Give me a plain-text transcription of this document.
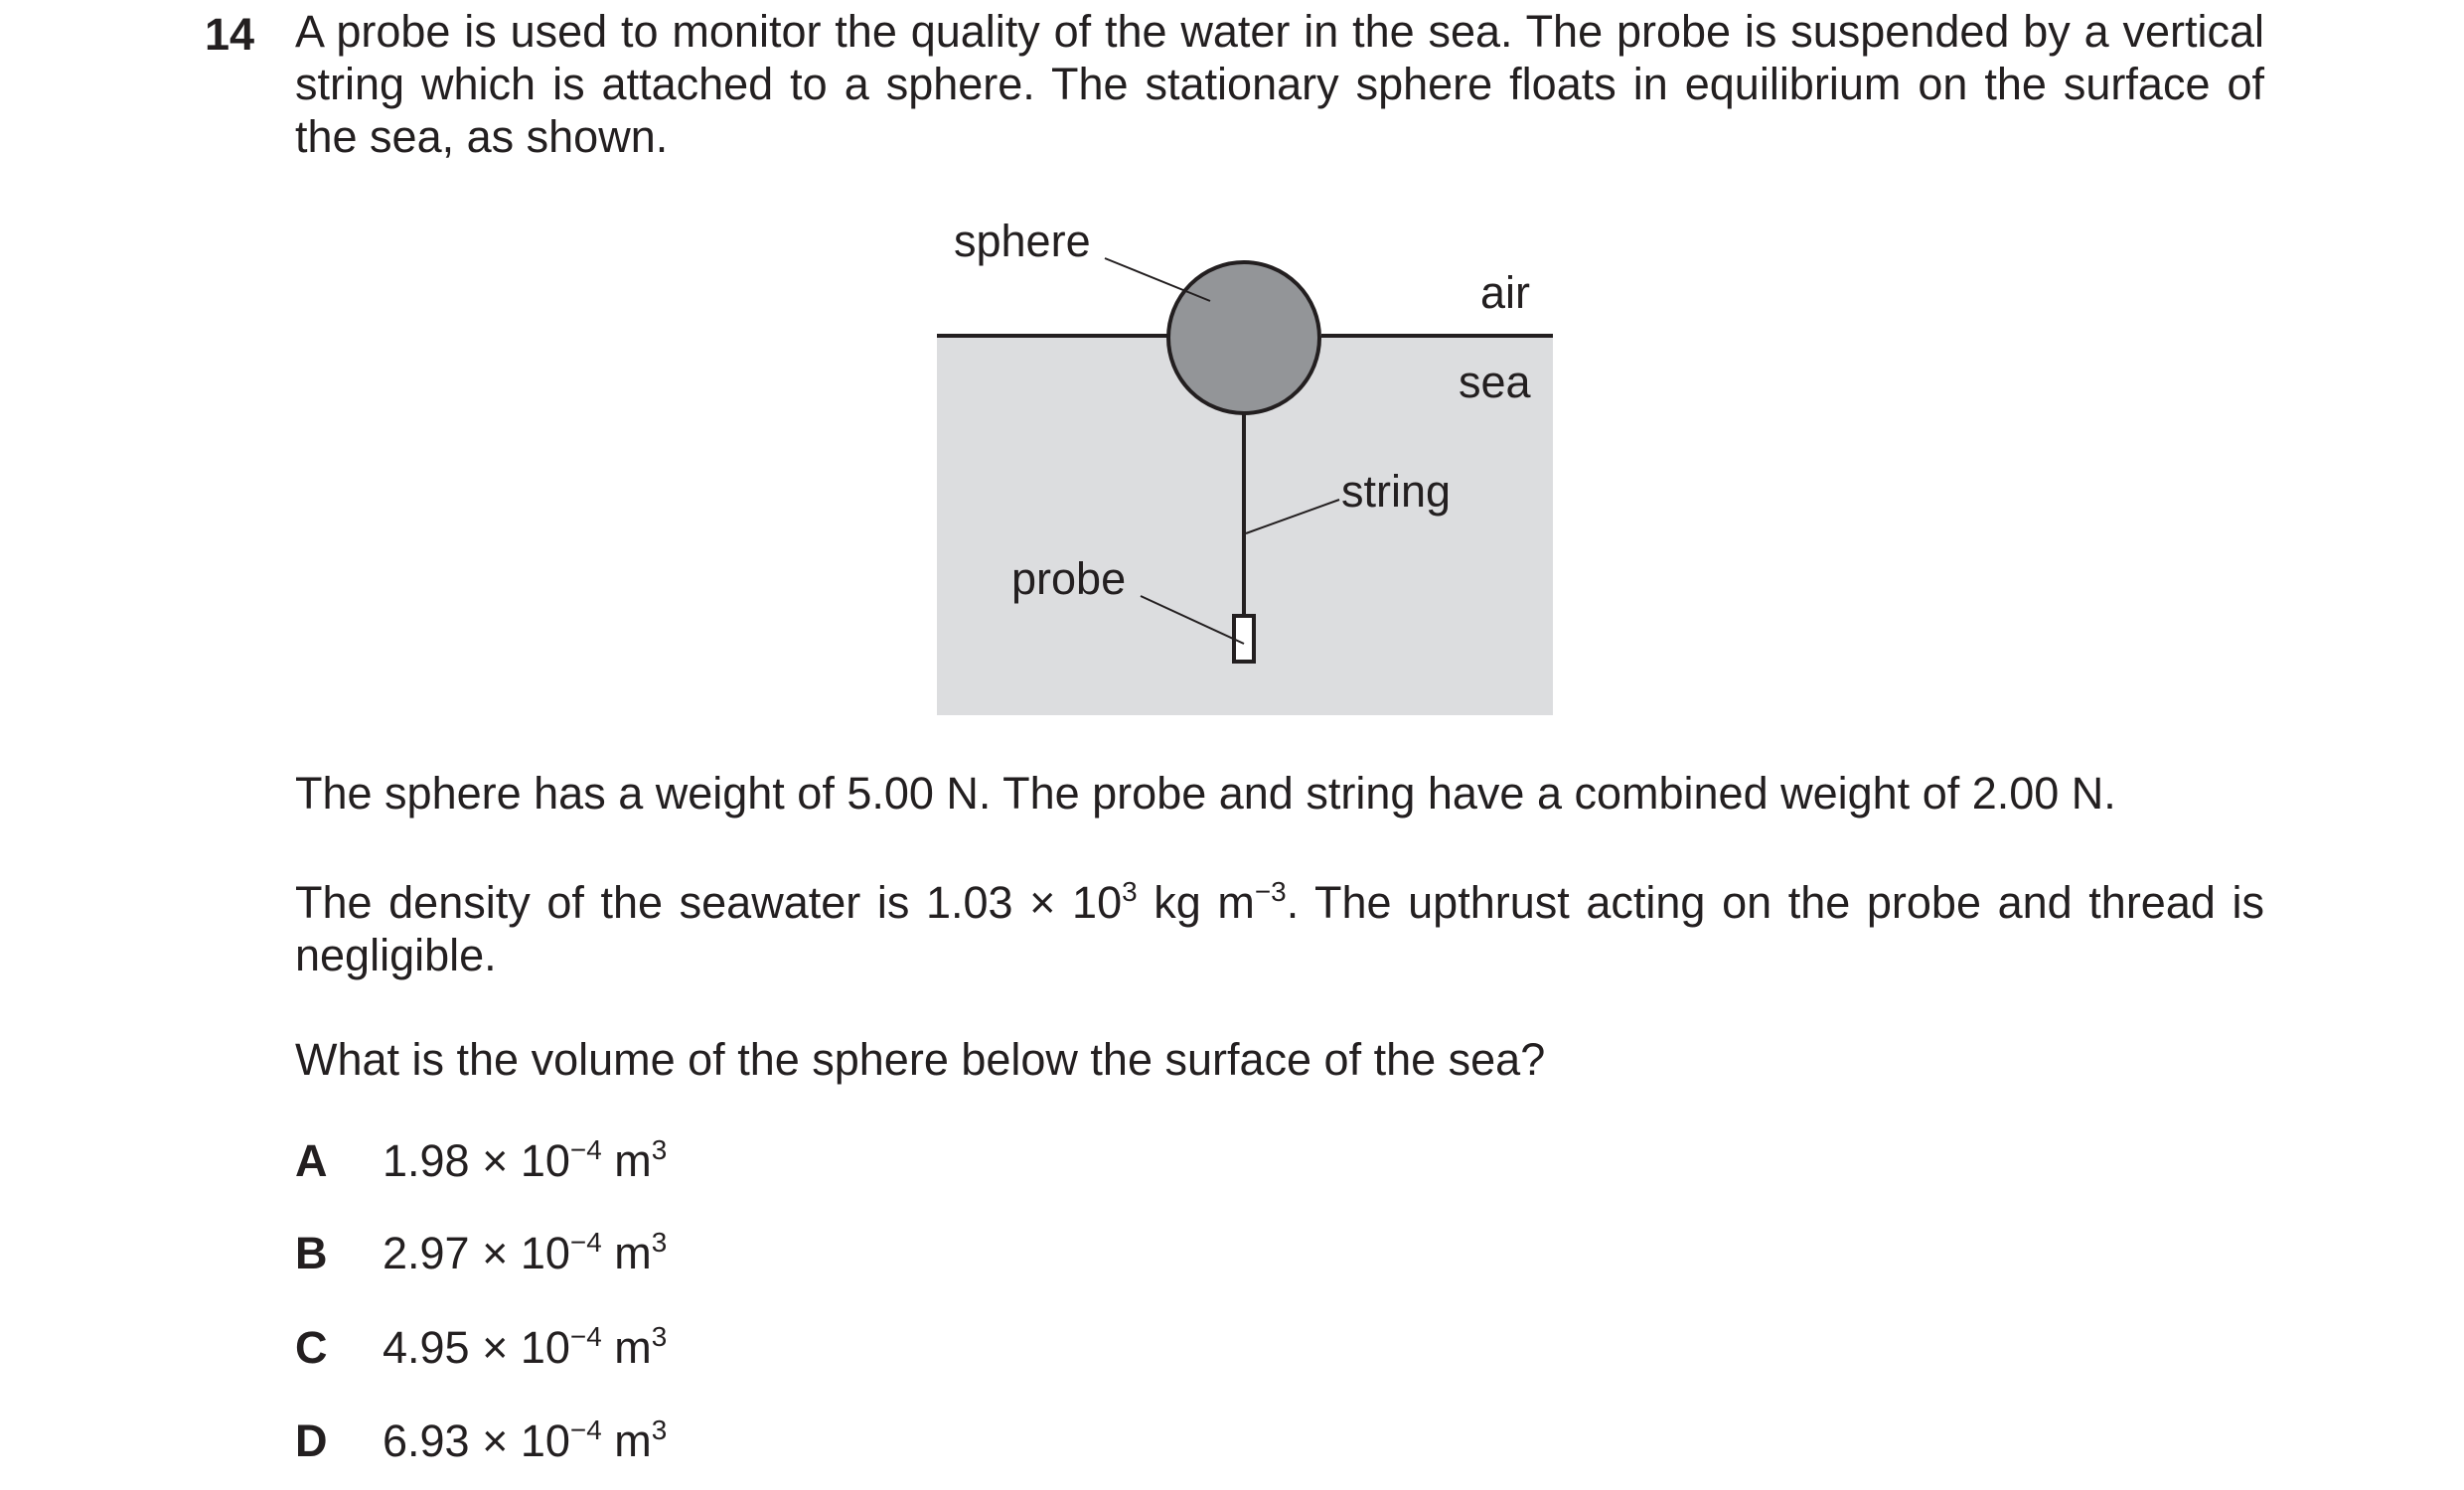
14 A probe is used to monitor the quality of the water in the sea. The probe is suspended by a vertical string which is attached to a sphere. The stationary sphere floats in equilibrium on the surface of the sea, as shown.
sphere
air
sea
string
probe
The sphere has a weight of 5.00 N. The probe and string have a combined weight of 2.00 N.
The density of the seawater is $1.03 \times 10^3$ kg $m^{-3}$. The upthrust acting on the probe and thread is negligible.
What is the volume of the sphere below the surface of the sea?
A $1.98 \times 10^{-4}$ $m^3$
B $2.97 \times 10^{-4}$ $m^3$
C $4.95 \times 10^{-4}$ $m^3$
D $6.93 \times 10^{-4}$ $m^3$
